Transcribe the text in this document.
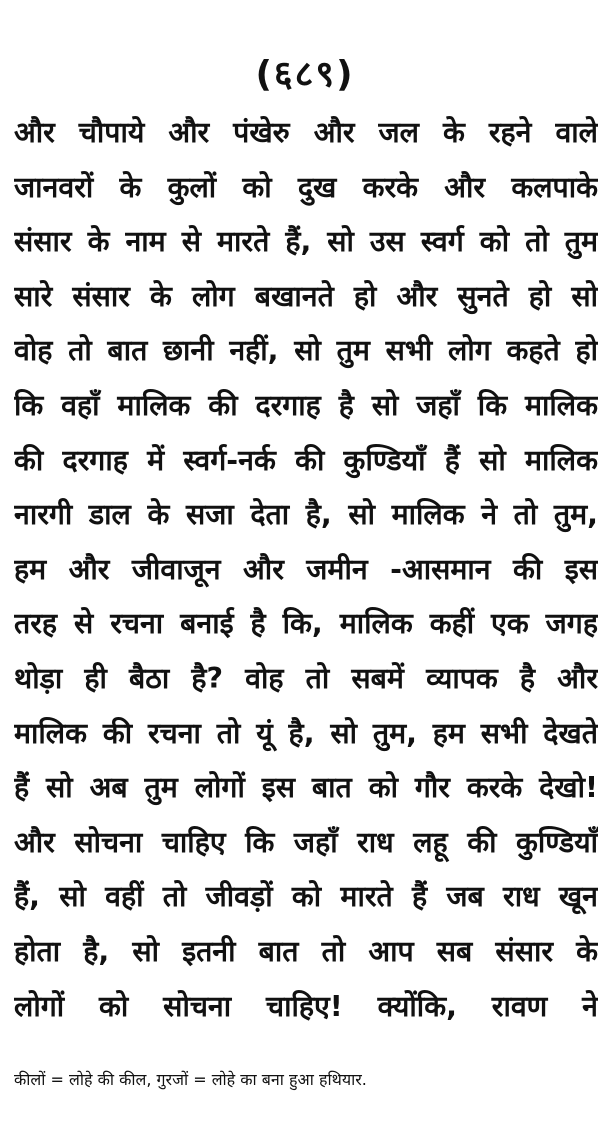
(६८९)
और चौपाये और पंखेरु और जल के रहने वाले
जानवरों के कुलों को दुख करके और कलपाके
संसार के नाम से मारते हैं, सो उस स्वर्ग को तो तुम
सारे संसार के लोग बखानते हो और सुनते हो सो
वोह तो बात छानी नहीं, सो तुम सभी लोग कहते हो
कि वहाँ मालिक की दरगाह है सो जहाँ कि मालिक
की दरगाह में स्वर्ग-नर्क की कुण्डियाँ हैं सो मालिक
नारगी डाल के सजा देता है, सो मालिक ने तो तुम,
हम और जीवाजून और जमीन -आसमान की इस
तरह से रचना बनाई है कि, मालिक कहीं एक जगह
थोड़ा ही बैठा है? वोह तो सबमें व्यापक है और
मालिक की रचना तो यूं है, सो तुम, हम सभी देखते
हैं सो अब तुम लोगों इस बात को गौर करके देखो!
और सोचना चाहिए कि जहाँ राध लहू की कुण्डियाँ
हैं, सो वहीं तो जीवड़ों को मारते हैं जब राध खून
होता है, सो इतनी बात तो आप सब संसार के
लोगों को सोचना चाहिए! क्योंकि, रावण ने
कीलों = लोहे की कील, गुरजों = लोहे का बना हुआ हथियार.
